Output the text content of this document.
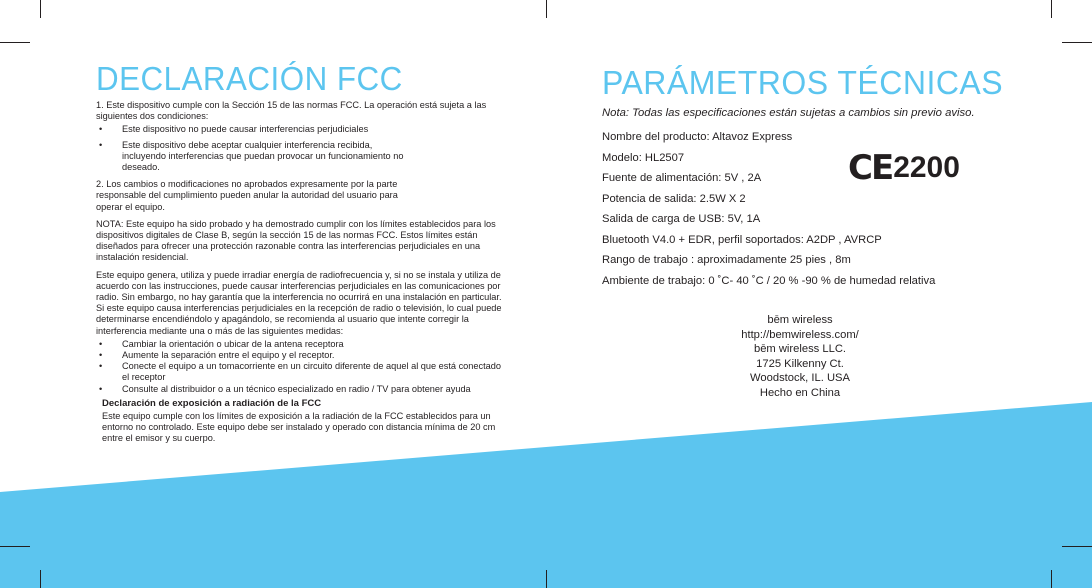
DECLARACIÓN FCC

1. Este dispositivo cumple con la Sección 15 de las normas FCC. La operación está sujeta a las siguientes dos condiciones:

•	Este dispositivo no puede causar interferencias perjudiciales
•	Este dispositivo debe aceptar cualquier interferencia recibida, incluyendo interferencias que puedan provocar un funcionamiento no deseado.

2. Los cambios o modificaciones no aprobados expresamente por la parte responsable del cumplimiento pueden anular la autoridad del usuario para operar el equipo.

NOTA: Este equipo ha sido probado y ha demostrado cumplir con los límites establecidos para los dispositivos digitales de Clase B, según la sección 15 de las normas FCC. Estos límites están diseñados para ofrecer una protección razonable contra las interferencias perjudiciales en una instalación residencial.

Este equipo genera, utiliza y puede irradiar energía de radiofrecuencia y, si no se instala y utiliza de acuerdo con las instrucciones, puede causar interferencias perjudiciales en las comunicaciones por radio. Sin embargo, no hay garantía que la interferencia no ocurrirá en una instalación en particular. Si este equipo causa interferencias perjudiciales en la recepción de radio o televisión, lo cual puede determinarse encendiéndolo y apagándolo, se recomienda al usuario que intente corregir la interferencia mediante una o más de las siguientes medidas:

•	Cambiar la orientación o ubicar de la antena receptora
•	Aumente la separación entre el equipo y el receptor.
•	Conecte el equipo a un tomacorriente en un circuito diferente de aquel al que está conectado el receptor
•	Consulte al distribuidor o a un técnico especializado en radio / TV para obtener ayuda
Declaración de exposición a radiación de la FCC

Este equipo cumple con los límites de exposición a la radiación de la FCC establecidos para un entorno no controlado. Este equipo debe ser instalado y operado con distancia mínima de 20 cm entre el emisor y su cuerpo.

PARÁMETROS TÉCNICAS

Nota: Todas las especificaciones están sujetas a cambios sin previo aviso.

Nombre del producto: Altavoz Express

Modelo: HL2507

Fuente de alimentación: 5V , 2A

Potencia de salida: 2.5W X 2

Salida de carga de USB: 5V, 1A

Bluetooth V4.0 + EDR, perfil soportados: A2DP , AVRCP

Rango de trabajo : aproximadamente 25 pies , 8m

Ambiente de trabajo: 0 ˚C- 40 ˚C / 20 % -90 % de humedad relativa

CE 2200
bēm wireless
http://bemwireless.com/
bēm wireless LLC.
1725 Kilkenny Ct.
Woodstock, IL. USA
Hecho en China
